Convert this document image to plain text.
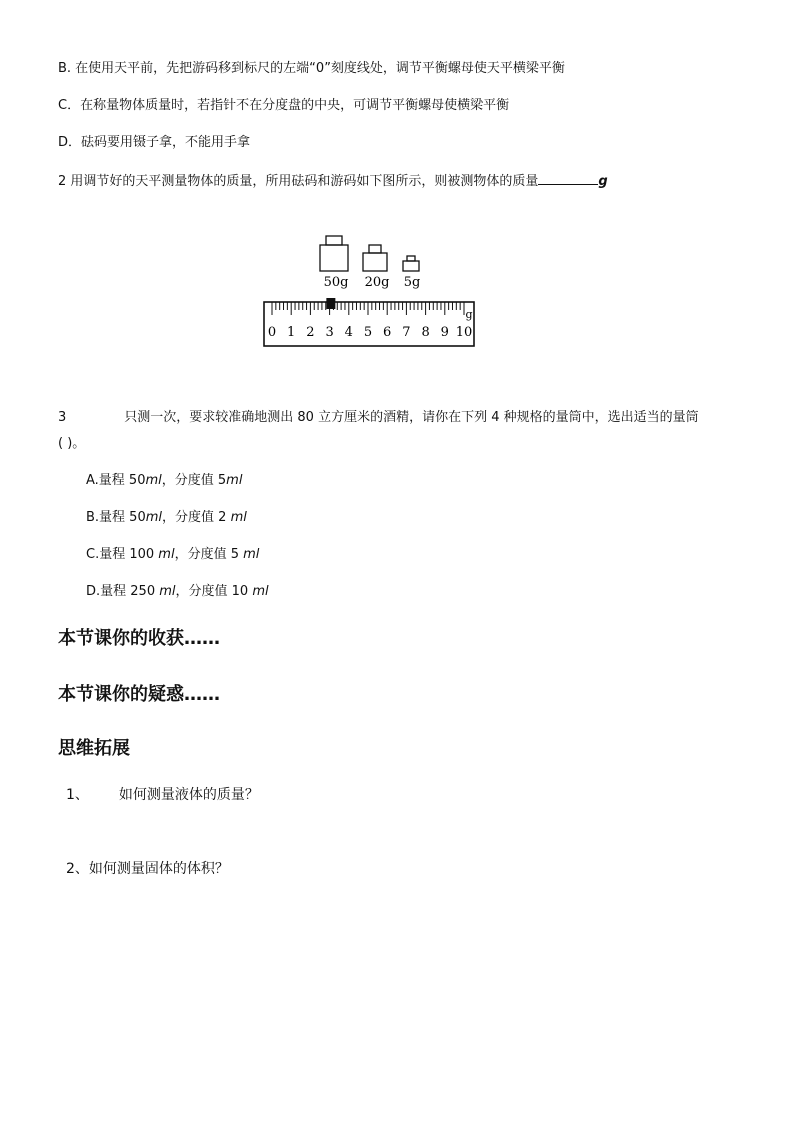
B. 在使用天平前，先把游码移到标尺的左端“0”刻度线处，调节平衡螺母使天平横梁平衡
C．在称量物体质量时，若指针不在分度盘的中央，可调节平衡螺母使横梁平衡
D．砝码要用镊子拿，不能用手拿
2 用调节好的天平测量物体的质量，所用砝码和游码如下图所示，则被测物体的质量	g
50g 20g 5g
0 1 2 3 4 5 6 7 8 9 10
g
3	只测一次，要求较准确地测出 80 立方厘米的酒精，请你在下列 4 种规格的量筒中，选出适当的量筒
( )。
A.量程 50ml，分度值 5ml
B.量程 50ml，分度值 2 ml
C.量程 100 ml，分度值 5 ml
D.量程 250 ml，分度值 10 ml
本节课你的收获……
本节课你的疑惑……
思维拓展
1、 如何测量液体的质量？
2、如何测量固体的体积？
